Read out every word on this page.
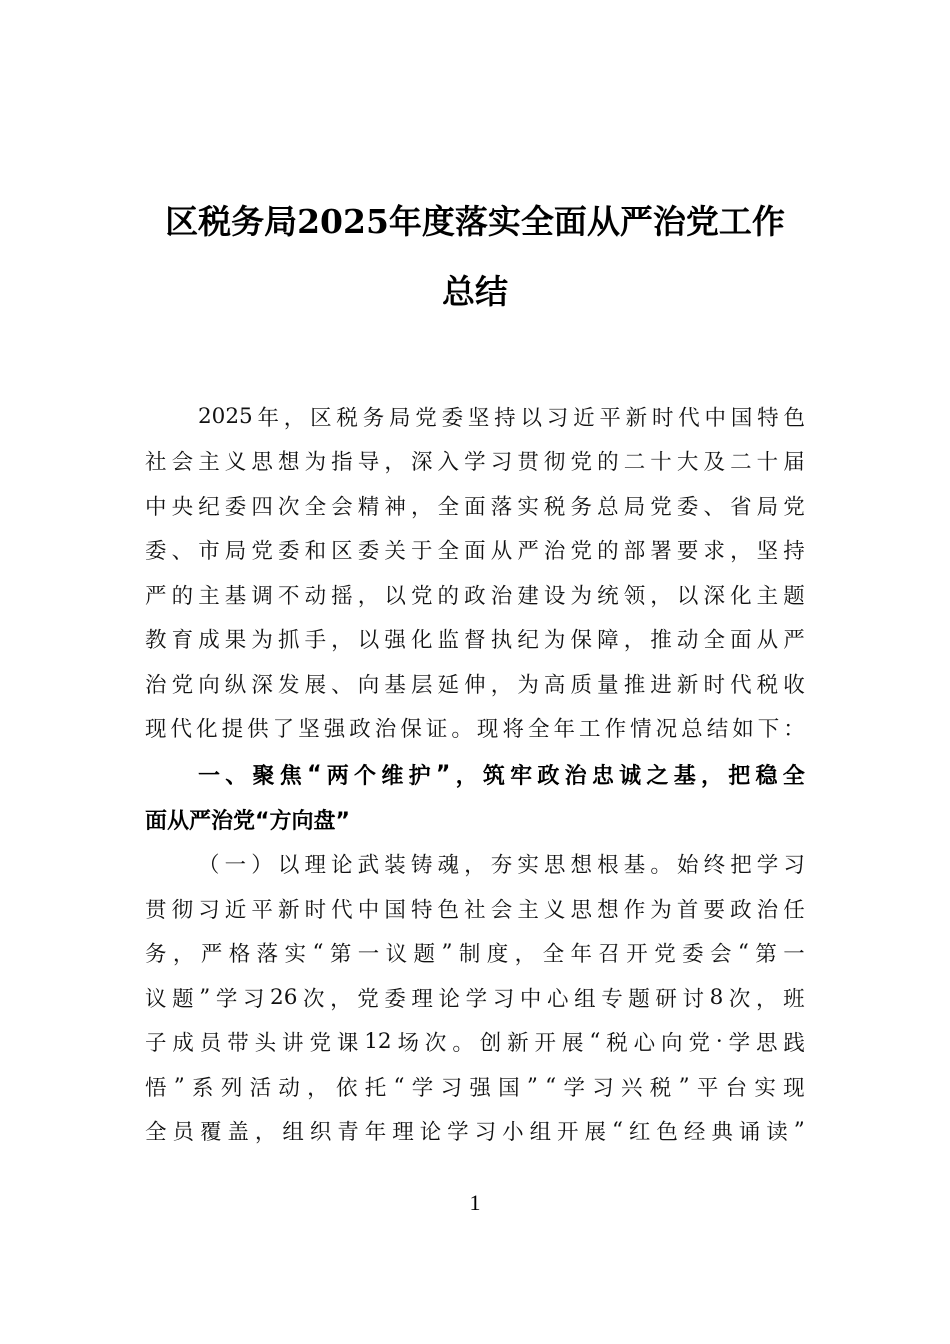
区税务局2025年度落实全面从严治党工作
总结
2025 年 ， 区 税 务 局 党 委 坚 持 以 习 近 平 新 时 代 中 国 特 色
社 会 主 义 思 想 为 指 导 ， 深 入 学 习 贯 彻 党 的 二 十 大 及 二 十 届
中 央 纪 委 四 次 全 会 精 神 ， 全 面 落 实 税 务 总 局 党 委 、 省 局 党
委 、 市 局 党 委 和 区 委 关 于 全 面 从 严 治 党 的 部 署 要 求 ， 坚 持
严 的 主 基 调 不 动 摇 ， 以 党 的 政 治 建 设 为 统 领 ， 以 深 化 主 题
教 育 成 果 为 抓 手 ， 以 强 化 监 督 执 纪 为 保 障 ， 推 动 全 面 从 严
治 党 向 纵 深 发 展 、 向 基 层 延 伸 ， 为 高 质 量 推 进 新 时 代 税 收
现 代 化 提 供 了 坚 强 政 治 保 证 。 现 将 全 年 工 作 情 况 总 结 如 下 ：
一 、 聚 焦 “ 两 个 维 护 ” ， 筑 牢 政 治 忠 诚 之 基 ， 把 稳 全
面从严治党“方向盘”
（ 一 ） 以 理 论 武 装 铸 魂 ， 夯 实 思 想 根 基 。 始 终 把 学 习
贯 彻 习 近 平 新 时 代 中 国 特 色 社 会 主 义 思 想 作 为 首 要 政 治 任
务 ， 严 格 落 实 “ 第 一 议 题 ” 制 度 ， 全 年 召 开 党 委 会 “ 第 一
议 题 ” 学 习 26 次 ， 党 委 理 论 学 习 中 心 组 专 题 研 讨 8 次 ， 班
子 成 员 带 头 讲 党 课 12 场 次 。 创 新 开 展 “ 税 心 向 党 · 学 思 践
悟 ” 系 列 活 动 ， 依 托 “ 学 习 强 国 ” “ 学 习 兴 税 ” 平 台 实 现
全 员 覆 盖 ， 组 织 青 年 理 论 学 习 小 组 开 展 “ 红 色 经 典 诵 读 ”
1
